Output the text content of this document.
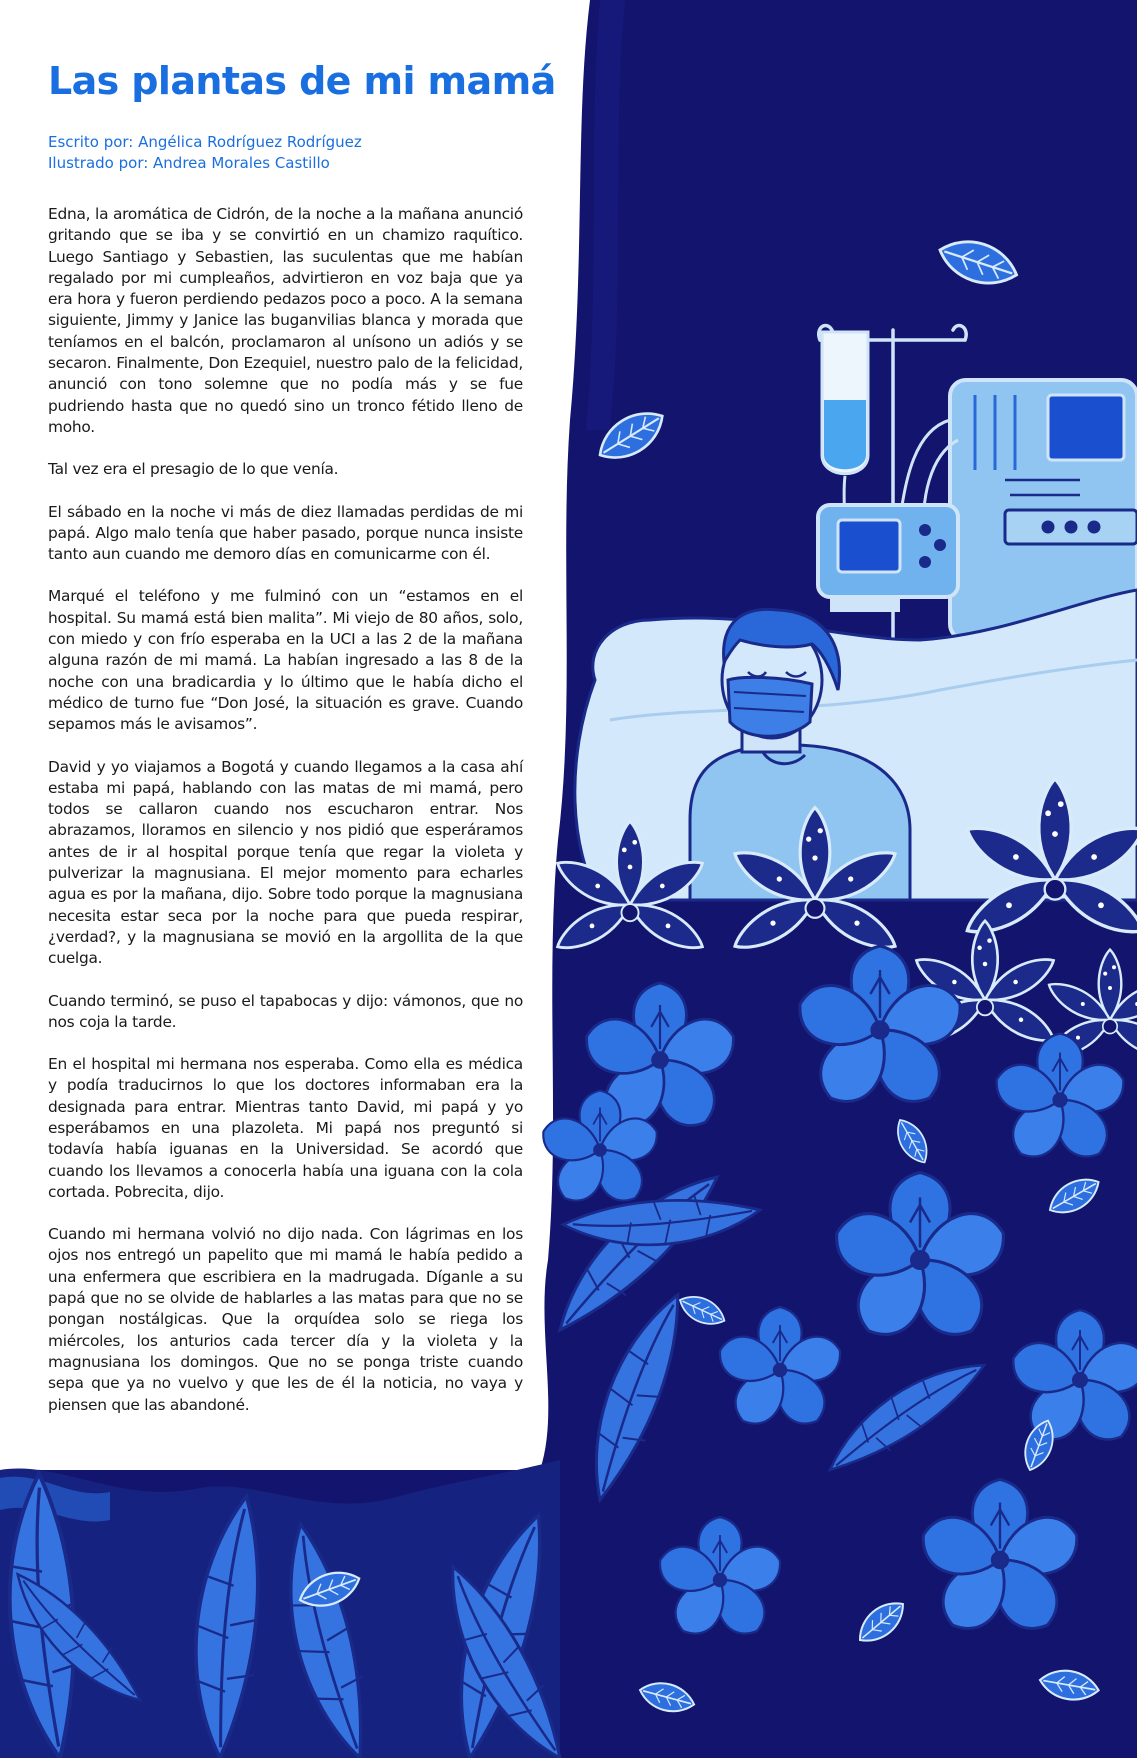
Las plantas de mi mamá
Escrito por: Angélica Rodríguez Rodríguez
Ilustrado por: Andrea Morales Castillo

Edna, la aromática de Cidrón, de la noche a la mañana anunció gritando que se iba y se convirtió en un chamizo raquítico. Luego Santiago y Sebastien, las suculentas que me habían regalado por mi cumpleaños, advirtieron en voz baja que ya era hora y fueron perdiendo pedazos poco a poco. A la semana siguiente, Jimmy y Janice las buganvilias blanca y morada que teníamos en el balcón, proclamaron al unísono un adiós y se secaron. Finalmente, Don Ezequiel, nuestro palo de la felicidad, anunció con tono solemne que no podía más y se fue pudriendo hasta que no quedó sino un tronco fétido lleno de moho.

Tal vez era el presagio de lo que venía.

El sábado en la noche vi más de diez llamadas perdidas de mi papá. Algo malo tenía que haber pasado, porque nunca insiste tanto aun cuando me demoro días en comunicarme con él.

Marqué el teléfono y me fulminó con un “estamos en el hospital. Su mamá está bien malita”. Mi viejo de 80 años, solo, con miedo y con frío esperaba en la UCI a las 2 de la mañana alguna razón de mi mamá. La habían ingresado a las 8 de la noche con una bradicardia y lo último que le había dicho el médico de turno fue “Don José, la situación es grave. Cuando sepamos más le avisamos”.

David y yo viajamos a Bogotá y cuando llegamos a la casa ahí estaba mi papá, hablando con las matas de mi mamá, pero todos se callaron cuando nos escucharon entrar. Nos abrazamos, lloramos en silencio y nos pidió que esperáramos antes de ir al hospital porque tenía que regar la violeta y pulverizar la magnusiana. El mejor momento para echarles agua es por la mañana, dijo. Sobre todo porque la magnusiana necesita estar seca por la noche para que pueda respirar, ¿verdad?, y la magnusiana se movió en la argollita de la que cuelga.

Cuando terminó, se puso el tapabocas y dijo: vámonos, que no nos coja la tarde.

En el hospital mi hermana nos esperaba. Como ella es médica y podía traducirnos lo que los doctores informaban era la designada para entrar. Mientras tanto David, mi papá y yo esperábamos en una plazoleta. Mi papá nos preguntó si todavía había iguanas en la Universidad. Se acordó que cuando los llevamos a conocerla había una iguana con la cola cortada. Pobrecita, dijo.

Cuando mi hermana volvió no dijo nada. Con lágrimas en los ojos nos entregó un papelito que mi mamá le había pedido a una enfermera que escribiera en la madrugada. Díganle a su papá que no se olvide de hablarles a las matas para que no se pongan nostálgicas. Que la orquídea solo se riega los miércoles, los anturios cada tercer día y la violeta y la magnusiana los domingos. Que no se ponga triste cuando sepa que ya no vuelvo y que les de él la noticia, no vaya y piensen que las abandoné.
